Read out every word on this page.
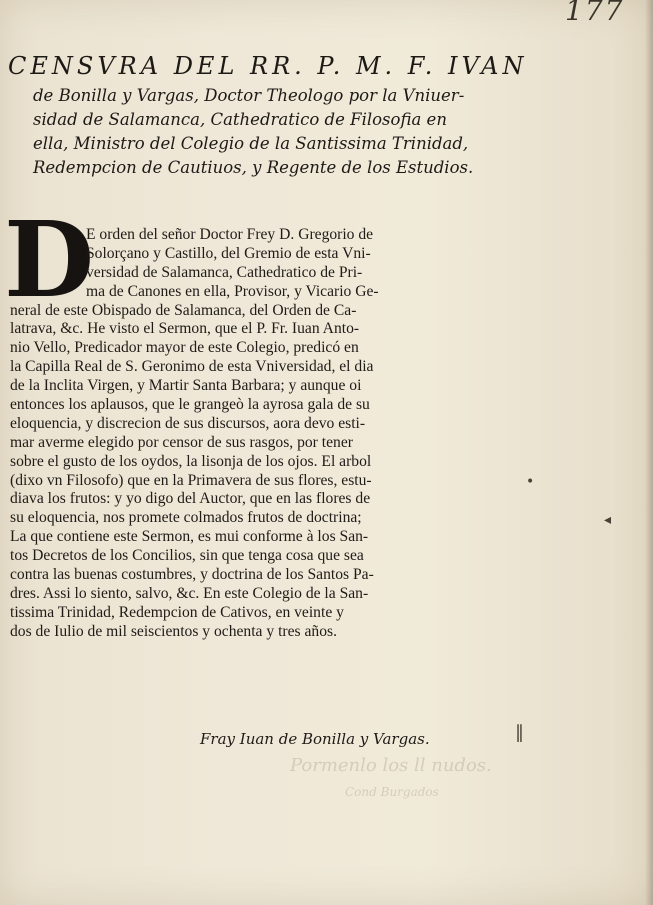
177
CENSVRA DEL RR. P. M. F. IVAN
de Bonilla y Vargas, Doctor Theologo por la Vniuer-
sidad de Salamanca, Cathedratico de Filosofia en
ella, Ministro del Colegio de la Santissima Trinidad,
Redempcion de Cautiuos, y Regente de los Estudios.
D
E orden del señor Doctor Frey D. Gregorio de
Solorçano y Castillo, del Gremio de esta Vni-
versidad de Salamanca, Cathedratico de Pri-
ma de Canones en ella, Provisor, y Vicario Ge-
neral de este Obispado de Salamanca, del Orden de Ca-
latrava, &c. He visto el Sermon, que el P. Fr. Iuan Anto-
nio Vello, Predicador mayor de este Colegio, predicó en
la Capilla Real de S. Geronimo de esta Vniversidad, el dia
de la Inclita Virgen, y Martir Santa Barbara; y aunque oi
entonces los aplausos, que le grangeò la ayrosa gala de su
eloquencia, y discrecion de sus discursos, aora devo esti-
mar averme elegido por censor de sus rasgos, por tener
sobre el gusto de los oydos, la lisonja de los ojos. El arbol
(dixo vn Filosofo) que en la Primavera de sus flores, estu-
diava los frutos: y yo digo del Auctor, que en las flores de
su eloquencia, nos promete colmados frutos de doctrina;
La que contiene este Sermon, es mui conforme à los San-
tos Decretos de los Concilios, sin que tenga cosa que sea
contra las buenas costumbres, y doctrina de los Santos Pa-
dres. Assi lo siento, salvo, &c. En este Colegio de la San-
tissima Trinidad, Redempcion de Cativos, en veinte y
dos de Iulio de mil seiscientos y ochenta y tres años.
Fray Iuan de Bonilla y Vargas.
Pormenlo los ll nudos.
Cond Burgados
•
◂
‖
